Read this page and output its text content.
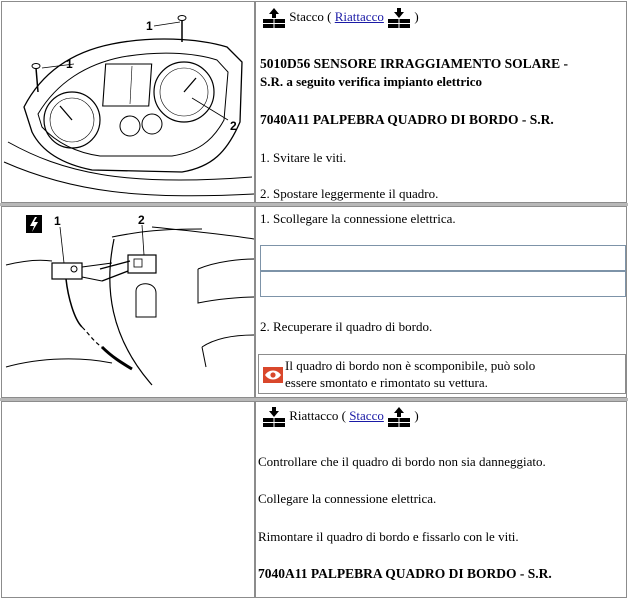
1
1
2
Stacco ( Riattacco )
5010D56 SENSORE IRRAGGIAMENTO SOLARE -
S.R. a seguito verifica impianto elettrico
7040A11 PALPEBRA QUADRO DI BORDO - S.R.
1. Svitare le viti.
2. Spostare leggermente il quadro.
1	2	1. Scollegare la connessione elettrica.
2. Recuperare il quadro di bordo.
Il quadro di bordo non è scomponibile, può solo
essere smontato e rimontato su vettura.
Riattacco ( Stacco )
Controllare che il quadro di bordo non sia danneggiato.
Collegare la connessione elettrica.
Rimontare il quadro di bordo e fissarlo con le viti.
7040A11 PALPEBRA QUADRO DI BORDO - S.R.
